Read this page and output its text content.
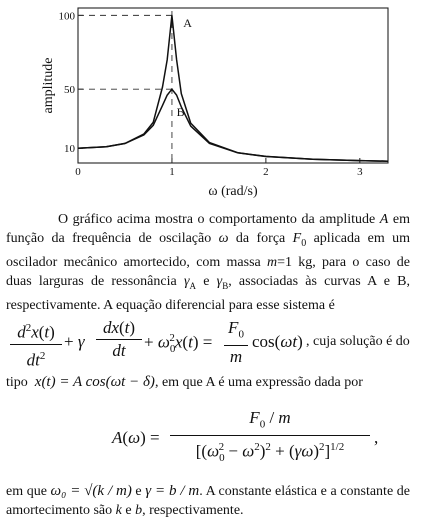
10
50
100
0	1	2	3
A
B
ω (rad/s)
amplitude
O gráfico acima mostra o comportamento da amplitude A em função da frequência de oscilação ω da força $F_0$ aplicada em um oscilador mecânico amortecido, com massa m=1 kg, para o caso de duas larguras de ressonância $\gamma_A$ e $\gamma_B$, associadas às curvas A e B, respectivamente. A equação diferencial para esse sistema é
$d^2x(t)$
$dt^2$
+ γ
dx(t)
dt	+ $\omega_0^2x(t)$ =
$F_0$
m
cos(ωt) , cuja solução é do
tipo x(t) = A cos(ωt − δ), em que A é uma expressão dada por
A(ω) =
$F_0$ / m
$[(\omega_0^2 - \omega^2)^2 + (\gamma\omega)^2]^{1/2}$
,
em que ω₀ = √(k / m) e γ = b / m. A constante elástica e a constante de amortecimento são k e b, respectivamente.
